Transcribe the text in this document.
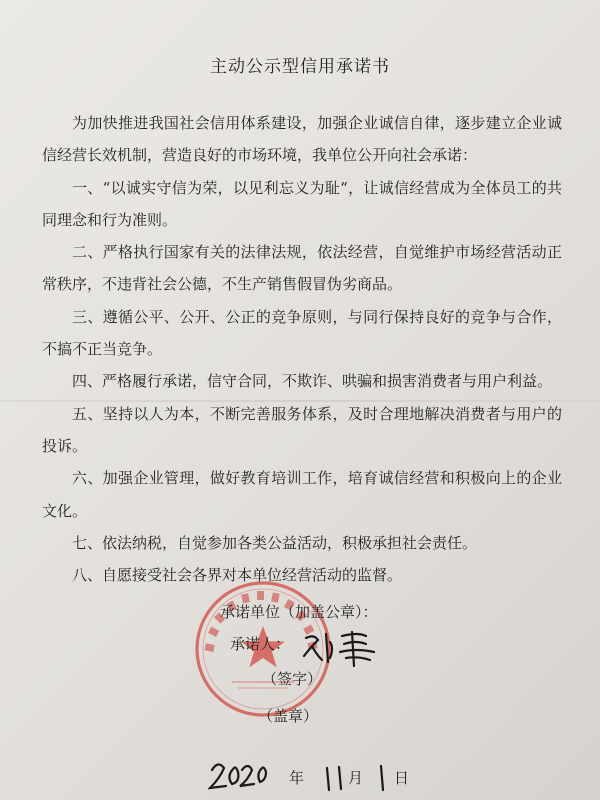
主动公示型信用承诺书

为加快推进我国社会信用体系建设，加强企业诚信自律，逐步建立企业诚信经营长效机制，营造良好的市场环境，我单位公开向社会承诺：

一、“以诚实守信为荣，以见利忘义为耻“，让诚信经营成为全体员工的共同理念和行为准则。

二、严格执行国家有关的法律法规，依法经营，自觉维护市场经营活动正常秩序，不违背社会公德，不生产销售假冒伪劣商品。

三、遵循公平、公开、公正的竞争原则，与同行保持良好的竞争与合作，不搞不正当竞争。

四、严格履行承诺，信守合同，不欺诈、哄骗和损害消费者与用户利益。

五、坚持以人为本，不断完善服务体系，及时合理地解决消费者与用户的投诉。

六、加强企业管理，做好教育培训工作，培育诚信经营和积极向上的企业文化。

七、依法纳税，自觉参加各类公益活动，积极承担社会责任。

八、自愿接受社会各界对本单位经营活动的监督。

承诺单位（加盖公章）：
承诺人：
刘军
（签字）
（盖章）
年	月 日
